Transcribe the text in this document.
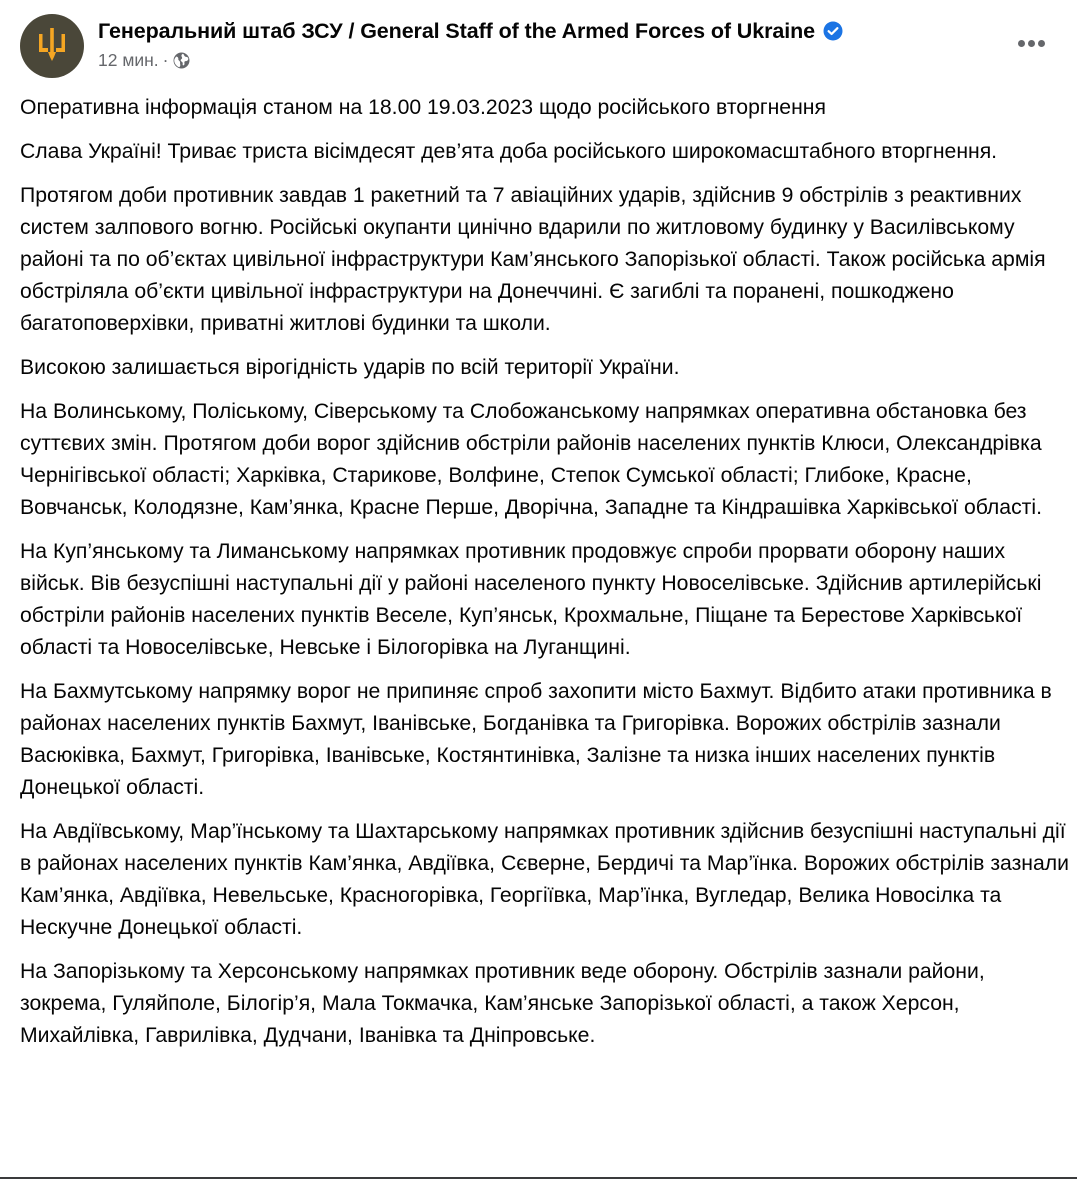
Генеральний штаб ЗСУ / General Staff of the Armed Forces of Ukraine
12 мин. ·

Оперативна інформація станом на 18.00 19.03.2023 щодо російського вторгнення

Слава Україні! Триває триста вісімдесят дев’ята доба російського широкомасштабного вторгнення.

Протягом доби противник завдав 1 ракетний та 7 авіаційних ударів, здійснив 9 обстрілів з реактивних систем залпового вогню. Російські окупанти цинічно вдарили по житловому будинку у Василівському районі та по об’єктах цивільної інфраструктури Кам’янського Запорізької області. Також російська армія обстріляла об’єкти цивільної інфраструктури на Донеччині. Є загиблі та поранені, пошкоджено багатоповерхівки, приватні житлові будинки та школи.

Високою залишається вірогідність ударів по всій території України.

На Волинському, Поліському, Сіверському та Слобожанському напрямках оперативна обстановка без суттєвих змін. Протягом доби ворог здійснив обстріли районів населених пунктів Клюси, Олександрівка Чернігівської області; Харківка, Старикове, Волфине, Степок Сумської області; Глибоке, Красне, Вовчанськ, Колодязне, Кам’янка, Красне Перше, Дворічна, Западне та Кіндрашівка Харківської області.

На Куп’янському та Лиманському напрямках противник продовжує спроби прорвати оборону наших військ. Вів безуспішні наступальні дії у районі населеного пункту Новоселівське. Здійснив артилерійські обстріли районів населених пунктів Веселе, Куп’янськ, Крохмальне, Піщане та Берестове Харківської області та Новоселівське, Невське і Білогорівка на Луганщині.

На Бахмутському напрямку ворог не припиняє спроб захопити місто Бахмут. Відбито атаки противника в районах населених пунктів Бахмут, Іванівське, Богданівка та Григорівка. Ворожих обстрілів зазнали Васюківка, Бахмут, Григорівка, Іванівське, Костянтинівка, Залізне та низка інших населених пунктів Донецької області.

На Авдіївському, Мар’їнському та Шахтарському напрямках противник здійснив безуспішні наступальні дії в районах населених пунктів Кам’янка, Авдіївка, Сєверне, Бердичі та Мар’їнка. Ворожих обстрілів зазнали Кам’янка, Авдіївка, Невельське, Красногорівка, Георгіївка, Мар’їнка, Вугледар, Велика Новосілка та Нескучне Донецької області.

На Запорізькому та Херсонському напрямках противник веде оборону. Обстрілів зазнали райони, зокрема, Гуляйполе, Білогір’я, Мала Токмачка, Кам’янське Запорізької області, а також Херсон, Михайлівка, Гаврилівка, Дудчани, Іванівка та Дніпровське.
